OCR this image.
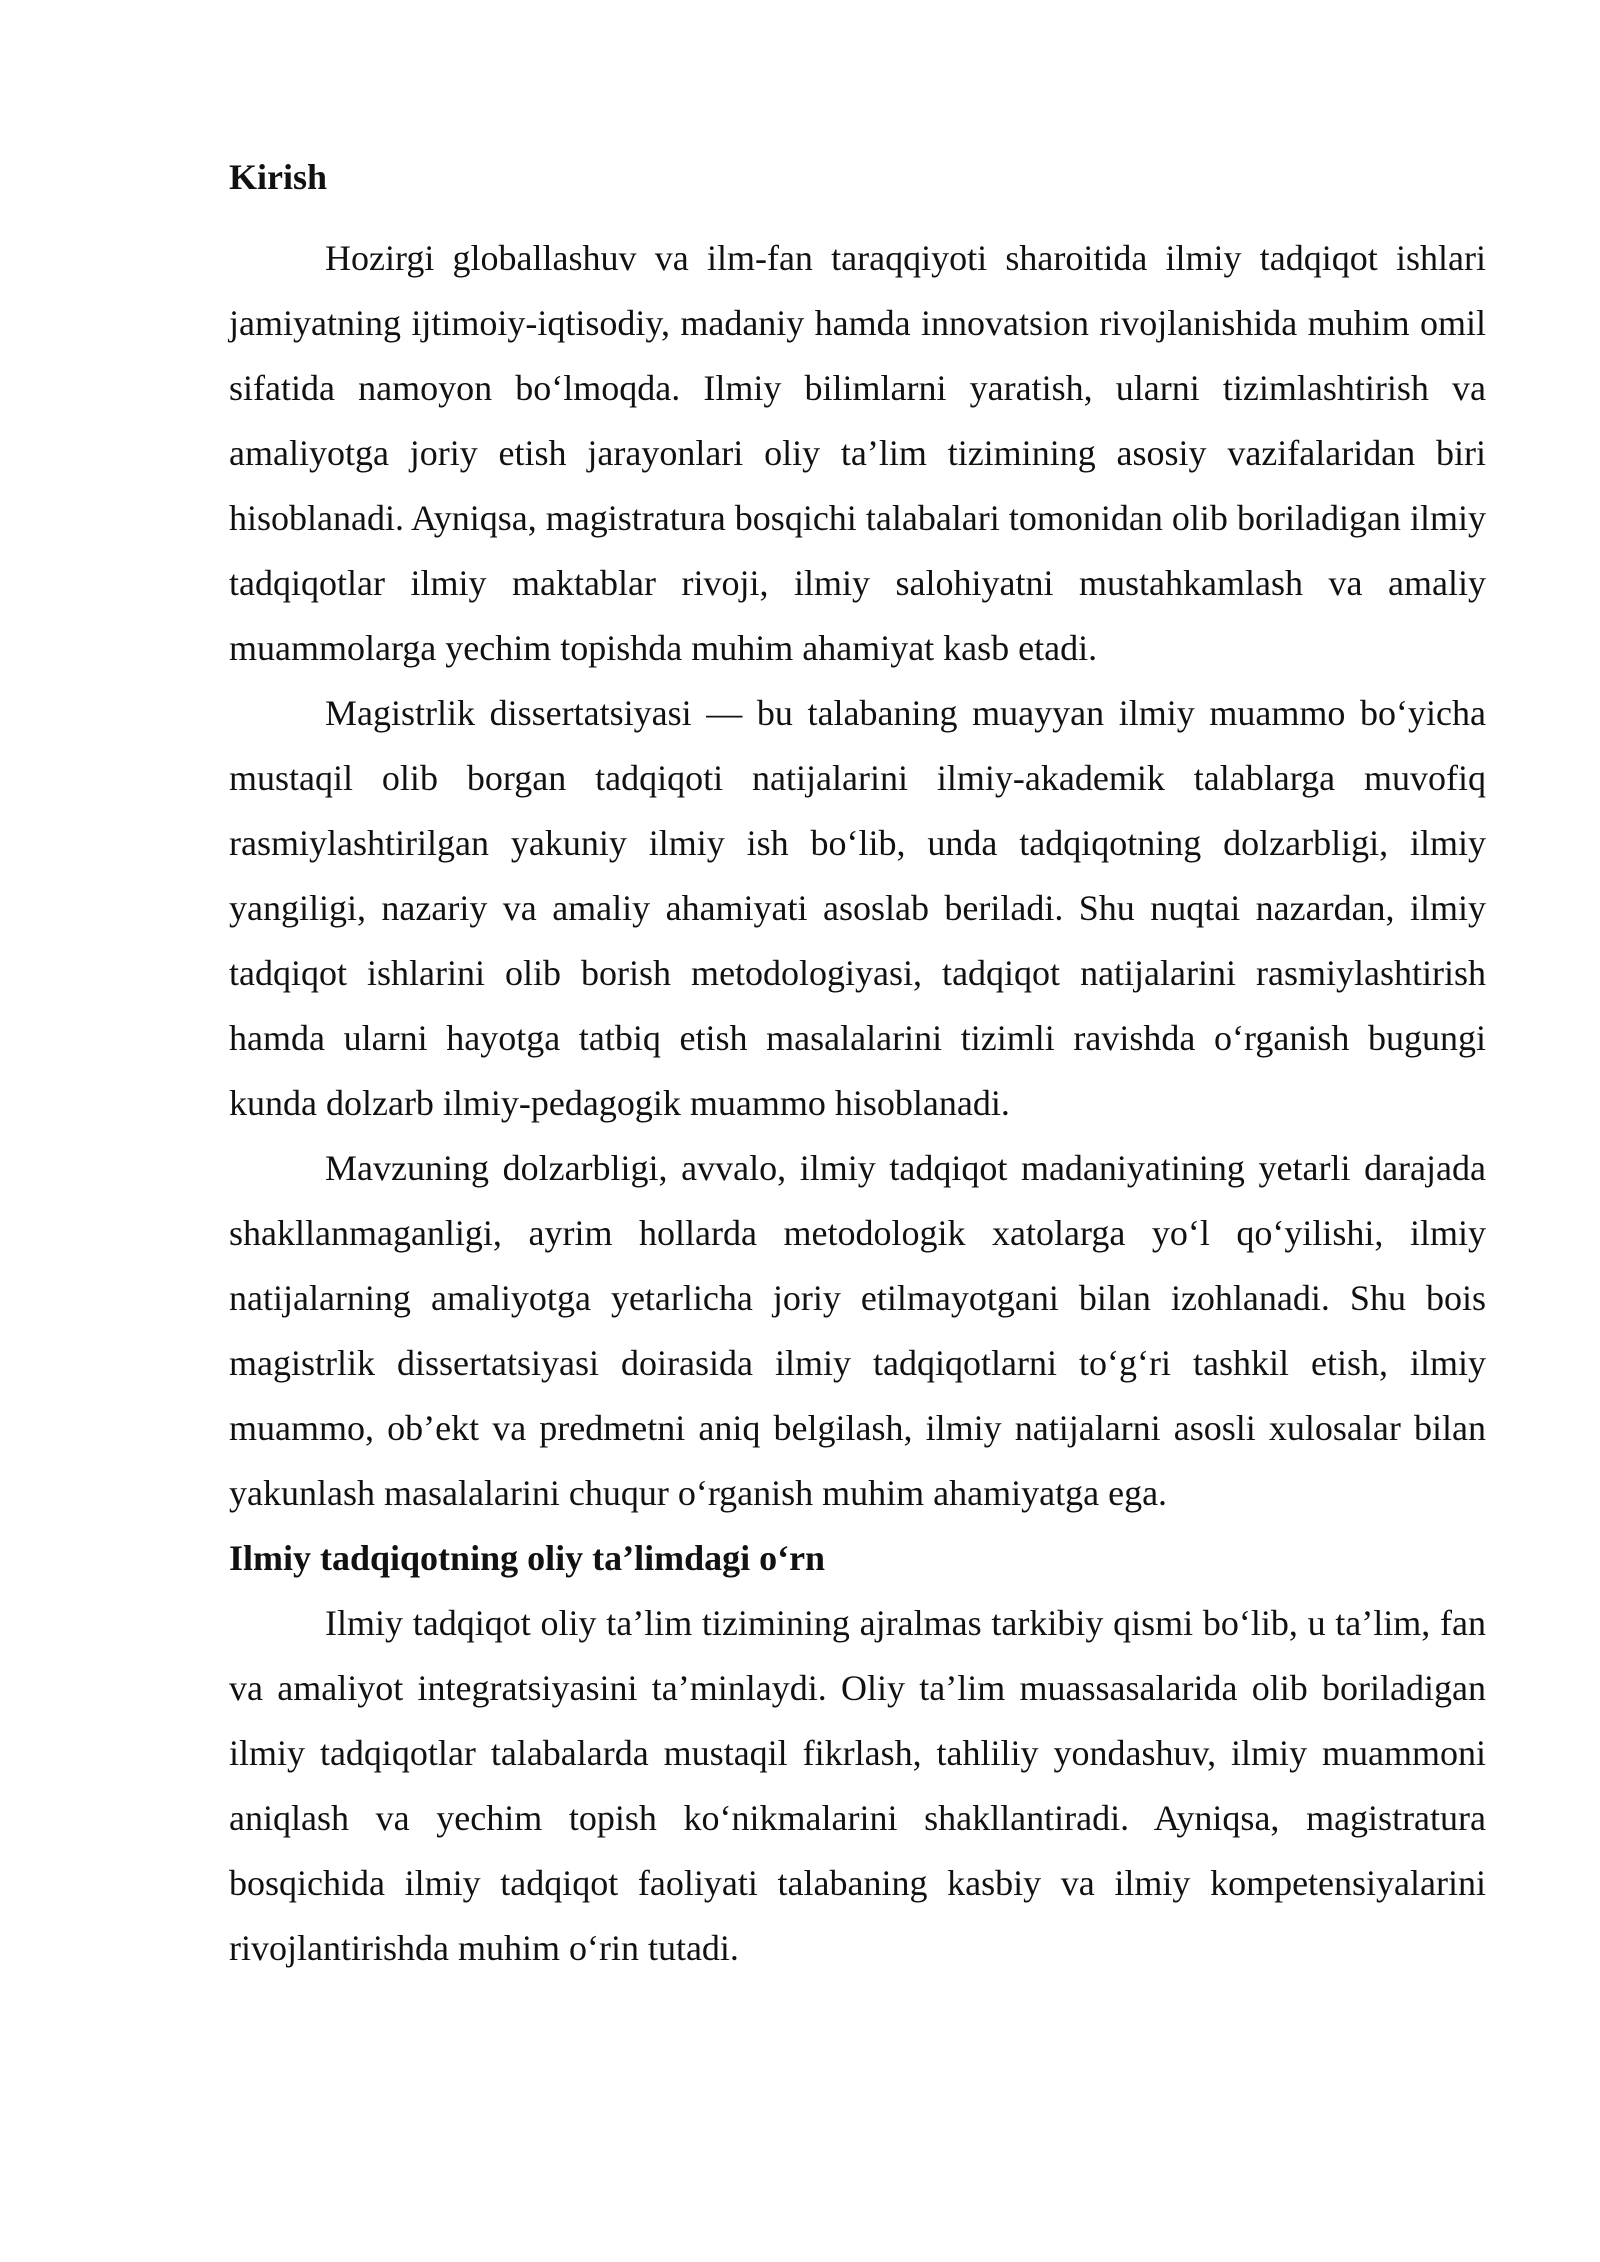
Kirish

Hozirgi globallashuv va ilm-fan taraqqiyoti sharoitida ilmiy tadqiqot ishlari jamiyatning ijtimoiy-iqtisodiy, madaniy hamda innovatsion rivojlanishida muhim omil sifatida namoyon bo‘lmoqda. Ilmiy bilimlarni yaratish, ularni tizimlashtirish va amaliyotga joriy etish jarayonlari oliy ta’lim tizimining asosiy vazifalaridan biri hisoblanadi. Ayniqsa, magistratura bosqichi talabalari tomonidan olib boriladigan ilmiy tadqiqotlar ilmiy maktablar rivoji, ilmiy salohiyatni mustahkamlash va amaliy muammolarga yechim topishda muhim ahamiyat kasb etadi.

Magistrlik dissertatsiyasi — bu talabaning muayyan ilmiy muammo bo‘yicha mustaqil olib borgan tadqiqoti natijalarini ilmiy-akademik talablarga muvofiq rasmiylashtirilgan yakuniy ilmiy ish bo‘lib, unda tadqiqotning dolzarbligi, ilmiy yangiligi, nazariy va amaliy ahamiyati asoslab beriladi. Shu nuqtai nazardan, ilmiy tadqiqot ishlarini olib borish metodologiyasi, tadqiqot natijalarini rasmiylashtirish hamda ularni hayotga tatbiq etish masalalarini tizimli ravishda o‘rganish bugungi kunda dolzarb ilmiy-pedagogik muammo hisoblanadi.

Mavzuning dolzarbligi, avvalo, ilmiy tadqiqot madaniyatining yetarli darajada shakllanmaganligi, ayrim hollarda metodologik xatolarga yo‘l qo‘yilishi, ilmiy natijalarning amaliyotga yetarlicha joriy etilmayotgani bilan izohlanadi. Shu bois magistrlik dissertatsiyasi doirasida ilmiy tadqiqotlarni to‘g‘ri tashkil etish, ilmiy muammo, ob’ekt va predmetni aniq belgilash, ilmiy natijalarni asosli xulosalar bilan yakunlash masalalarini chuqur o‘rganish muhim ahamiyatga ega.

Ilmiy tadqiqotning oliy ta’limdagi o‘rn

Ilmiy tadqiqot oliy ta’lim tizimining ajralmas tarkibiy qismi bo‘lib, u ta’lim, fan va amaliyot integratsiyasini ta’minlaydi. Oliy ta’lim muassasalarida olib boriladigan ilmiy tadqiqotlar talabalarda mustaqil fikrlash, tahliliy yondashuv, ilmiy muammoni aniqlash va yechim topish ko‘nikmalarini shakllantiradi. Ayniqsa, magistratura bosqichida ilmiy tadqiqot faoliyati talabaning kasbiy va ilmiy kompetensiyalarini rivojlantirishda muhim o‘rin tutadi.
